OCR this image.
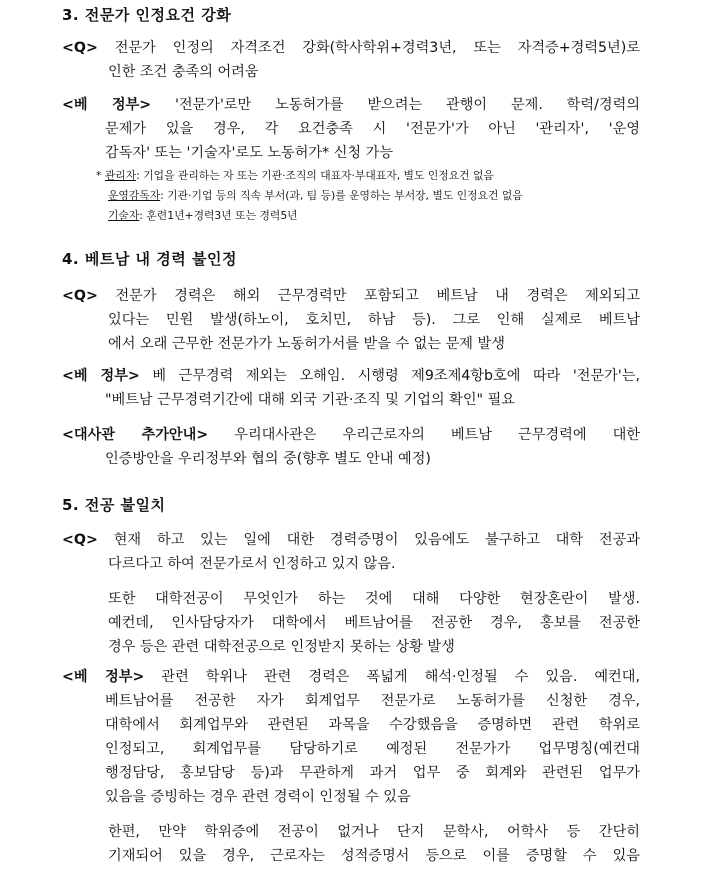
3. 전문가 인정요건 강화
<Q> 전문가 인정의 자격조건 강화(학사학위+경력3년, 또는 자격증+경력5년)로
인한 조건 충족의 어려움
<베 정부> '전문가'로만 노동허가를 받으려는 관행이 문제. 학력/경력의
문제가 있을 경우, 각 요건충족 시 '전문가'가 아닌 '관리자', '운영
감독자' 또는 '기술자'로도 노동허가* 신청 가능
* 관리자: 기업을 관리하는 자 또는 기관·조직의 대표자·부대표자, 별도 인정요건 없음
운영감독자: 기관·기업 등의 직속 부서(과, 팀 등)를 운영하는 부서장, 별도 인정요건 없음
기술자: 훈련1년+경력3년 또는 경력5년
4. 베트남 내 경력 불인정
<Q> 전문가 경력은 해외 근무경력만 포함되고 베트남 내 경력은 제외되고
있다는 민원 발생(하노이, 호치민, 하남 등). 그로 인해 실제로 베트남
에서 오래 근무한 전문가가 노동허가서를 받을 수 없는 문제 발생
<베 정부> 베 근무경력 제외는 오해임. 시행령 제9조제4항b호에 따라 '전문가'는,
"베트남 근무경력기간에 대해 외국 기관·조직 및 기업의 확인" 필요
<대사관 추가안내> 우리대사관은 우리근로자의 베트남 근무경력에 대한
인증방안을 우리정부와 협의 중(향후 별도 안내 예정)
5. 전공 불일치
<Q> 현재 하고 있는 일에 대한 경력증명이 있음에도 불구하고 대학 전공과
다르다고 하여 전문가로서 인정하고 있지 않음.
또한 대학전공이 무엇인가 하는 것에 대해 다양한 현장혼란이 발생.
예컨데, 인사담당자가 대학에서 베트남어를 전공한 경우, 홍보를 전공한
경우 등은 관련 대학전공으로 인정받지 못하는 상황 발생
<베 정부> 관련 학위나 관련 경력은 폭넓게 해석·인정될 수 있음. 예컨대,
베트남어를 전공한 자가 회계업무 전문가로 노동허가를 신청한 경우,
대학에서 회계업무와 관련된 과목을 수강했음을 증명하면 관련 학위로
인정되고, 회계업무를 담당하기로 예정된 전문가가 업무명칭(예컨대
행정담당, 홍보담당 등)과 무관하게 과거 업무 중 회계와 관련된 업무가
있음을 증빙하는 경우 관련 경력이 인정될 수 있음
한편, 만약 학위증에 전공이 없거나 단지 문학사, 어학사 등 간단히
기재되어 있을 경우, 근로자는 성적증명서 등으로 이를 증명할 수 있음
